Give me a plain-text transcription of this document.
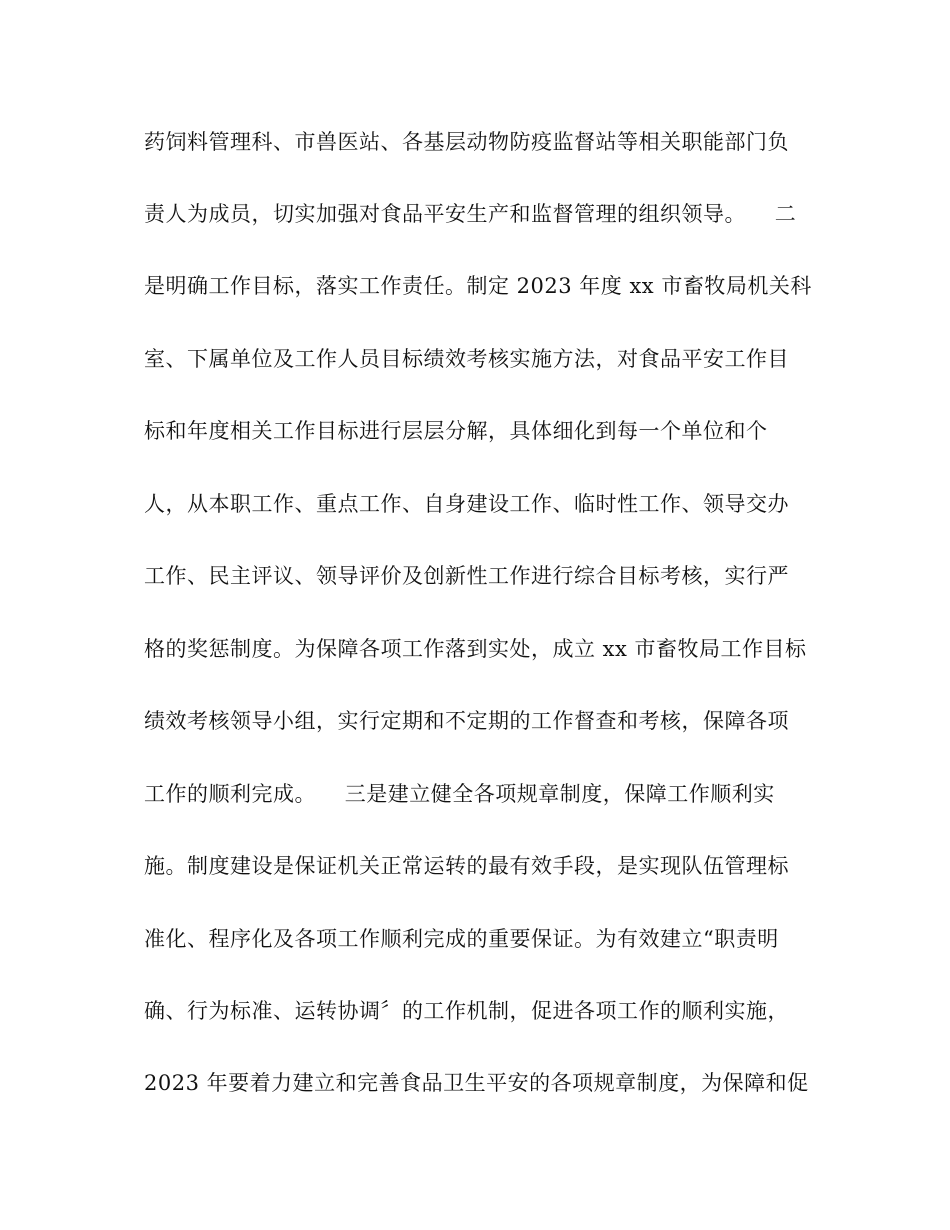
药饲料管理科、市兽医站、各基层动物防疫监督站等相关职能部门负
责人为成员，切实加强对食品平安生产和监督管理的组织领导。    二
是明确工作目标，落实工作责任。制定 2023 年度 xx 市畜牧局机关科
室、下属单位及工作人员目标绩效考核实施方法，对食品平安工作目
标和年度相关工作目标进行层层分解，具体细化到每一个单位和个
人，从本职工作、重点工作、自身建设工作、临时性工作、领导交办
工作、民主评议、领导评价及创新性工作进行综合目标考核，实行严
格的奖惩制度。为保障各项工作落到实处，成立 xx 市畜牧局工作目标
绩效考核领导小组，实行定期和不定期的工作督查和考核，保障各项
工作的顺利完成。    三是建立健全各项规章制度，保障工作顺利实
施。制度建设是保证机关正常运转的最有效手段，是实现队伍管理标
准化、程序化及各项工作顺利完成的重要保证。为有效建立“职责明
确、行为标准、运转协调〞的工作机制，促进各项工作的顺利实施，
2023 年要着力建立和完善食品卫生平安的各项规章制度，为保障和促
